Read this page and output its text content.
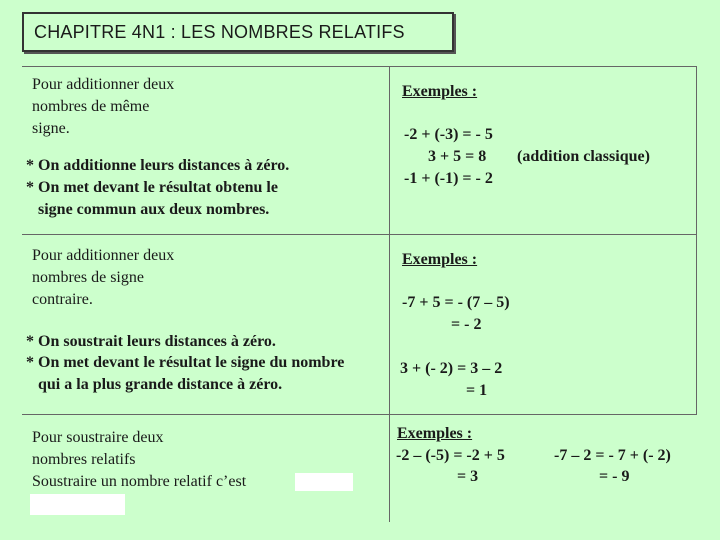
CHAPITRE 4N1 : LES NOMBRES RELATIFS
Pour additionner deux
nombres de même
signe.
* On additionne leurs distances à zéro.
* On met devant le résultat obtenu le
signe commun aux deux nombres.
Exemples :
-2 + (-3) = - 5
3 + 5 = 8 (addition classique)
-1 + (-1) = - 2
Pour additionner deux
nombres de signe
contraire.
* On soustrait leurs distances à zéro.
* On met devant le résultat le signe du nombre
qui a la plus grande distance à zéro.
Exemples :
-7 + 5 = - (7 – 5)
= - 2
3 + (- 2) = 3 – 2
= 1
Pour soustraire deux
nombres relatifs
Soustraire un nombre relatif c’est
Exemples :
-2 – (-5) = -2 + 5
= 3
-7 – 2 = - 7 + (- 2)
= - 9
